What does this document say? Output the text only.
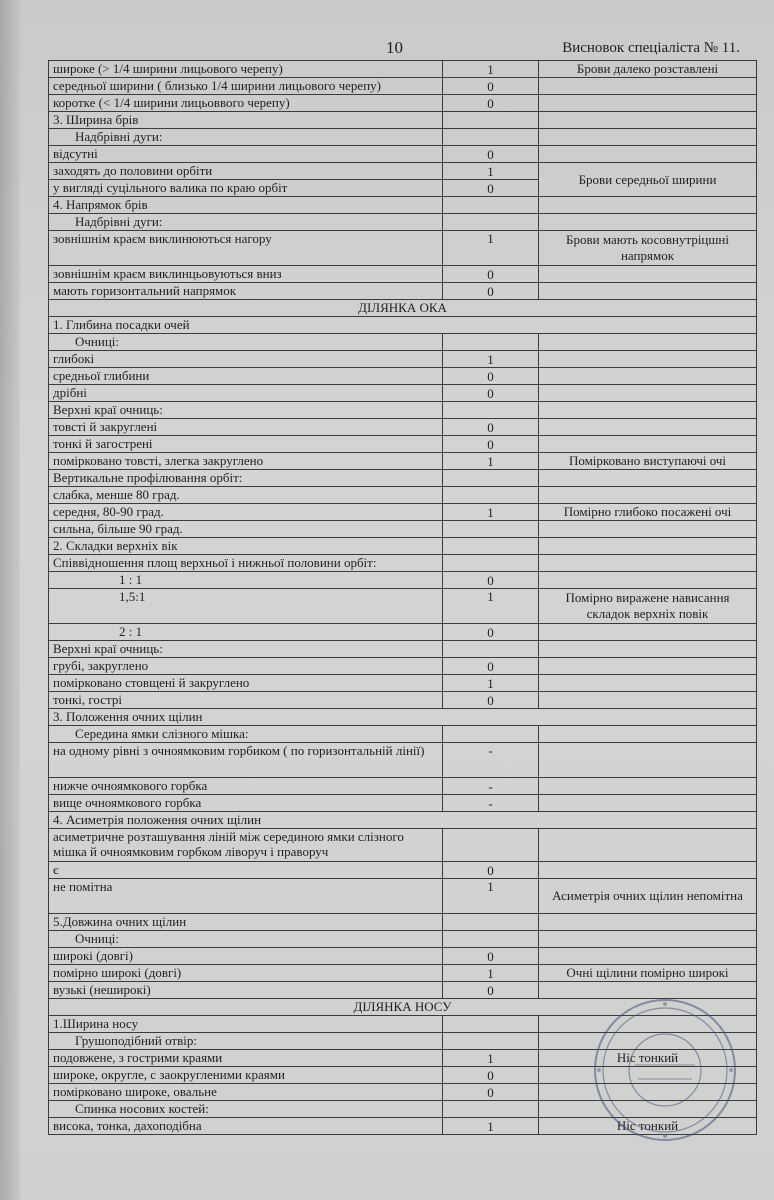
10	Висновок спеціаліста № 11.
широке (> 1/4 ширини лицьового черепу)	1	Брови далеко розставлені
середньої ширини ( близько 1/4 ширини лицьового черепу)	0	
коротке (< 1/4 ширини лицьоввого черепу)	0	
3. Ширина брів		
Надбрівні дуги:		
відсутні	0	
заходять до половини орбіти	1	Брови середньої ширини
у вигляді суцільного валика по краю орбіт	0	
4. Напрямок брів		
Надбрівні дуги:		
зовнішнім краєм виклинюються нагору	1	Брови мають косовнутріцшні напрямок
зовнішнім краєм виклинцьовуються вниз	0	
мають горизонтальний напрямок	0	
ДІЛЯНКА ОКА		
1. Глибина посадки очей		
Очниці:		
глибокі	1	
средньої глибини	0	
дрібні	0	
Верхні краї очниць:		
товсті й закруглені	0	
тонкі й загострені	0	
помірковано товсті, злегка закруглено	1	Помірковано виступаючі очі
Вертикальне профілювання орбіт:		
слабка, менше 80 град.		
середня, 80-90 град.	1	Помірно глибоко посажені очі
сильна, більше 90 град.		
2. Складки верхніх вік		
Співвідношення площ верхньої і нижньої половини орбіт:		
1 : 1	0	
1,5:1	1	Помірно виражене нависання складок верхніх повік
2 : 1	0	
Верхні краї очниць:		
грубі, закруглено	0	
помірковано стовщені й закруглено	1	
тонкі, гострі	0	
3. Положення очних щілин		
Середина ямки слізного мішка:		
на одному рівні з очноямковим горбиком ( по горизонтальній лінії)	-	
нижче очноямкового горбка	-	
вище очноямкового горбка	-	
4. Асиметрія положення очних щілин		
асиметричне розташування ліній між серединою ямки слізного мішка й очноямковим горбком ліворуч і праворуч		
є	0	
не помітна	1	Асиметрія очних щілин непомітна
5.Довжина очних щілин		
Очниці:		
широкі (довгі)	0	
помірно широкі (довгі)	1	Очні щілини помірно широкі
вузькі (неширокі)	0	
ДІЛЯНКА НОСУ		
1.Ширина носу		
Грушоподібний отвір:		
подовжене, з гострими краями	1	Ніс тонкий
широке, округле, с заокругленими краями	0	
помірковано широке, овальне	0	
Спинка носових костей:		
висока, тонка, дахоподібна	1	Ніс тонкий
